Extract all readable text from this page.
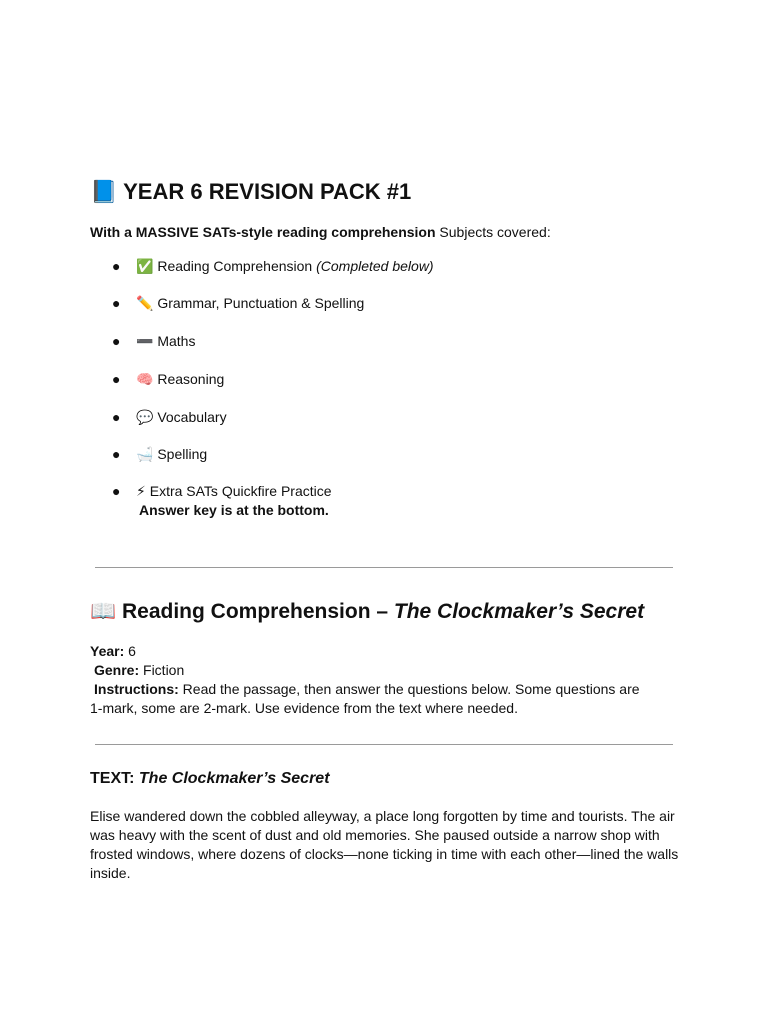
📘 YEAR 6 REVISION PACK #1
With a MASSIVE SATs-style reading comprehension Subjects covered:
● ✅ Reading Comprehension (Completed below)
● ✏️ Grammar, Punctuation & Spelling
● ➖ Maths
● 🧠 Reasoning
● 💬 Vocabulary
● 🛁 Spelling
● ⚡ Extra SATs Quickfire Practice
Answer key is at the bottom.
📖 Reading Comprehension – The Clockmaker’s Secret
Year: 6
Genre: Fiction
Instructions: Read the passage, then answer the questions below. Some questions are
1-mark, some are 2-mark. Use evidence from the text where needed.
TEXT: The Clockmaker’s Secret

Elise wandered down the cobbled alleyway, a place long forgotten by time and tourists. The air

was heavy with the scent of dust and old memories. She paused outside a narrow shop with

frosted windows, where dozens of clocks—none ticking in time with each other—lined the walls

inside.
